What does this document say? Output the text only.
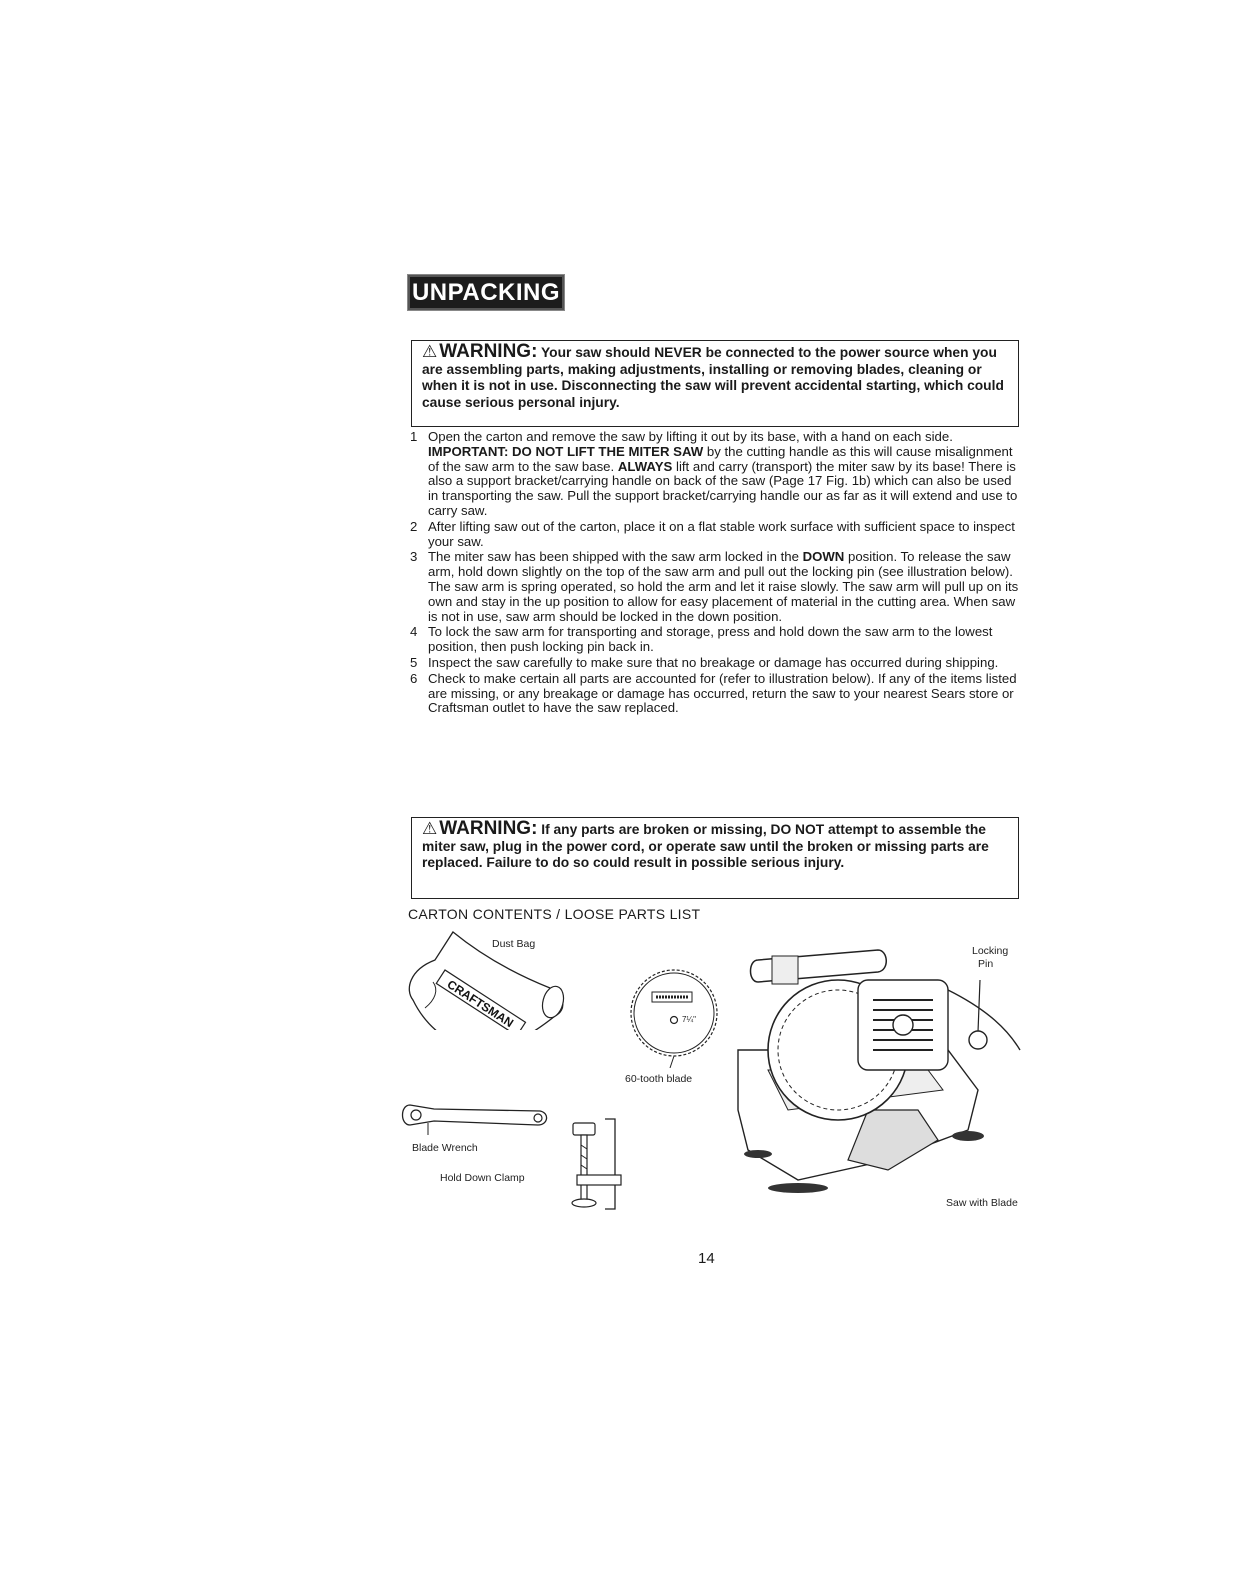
UNPACKING
⚠ WARNING: Your saw should NEVER be connected to the power source when you are assembling parts, making adjustments, installing or removing blades, cleaning or when it is not in use. Disconnecting the saw will prevent accidental starting, which could cause serious personal injury.
1 Open the carton and remove the saw by lifting it out by its base, with a hand on each side. IMPORTANT: DO NOT LIFT THE MITER SAW by the cutting handle as this will cause misalignment of the saw arm to the saw base. ALWAYS lift and carry (transport) the miter saw by its base! There is also a support bracket/carrying handle on back of the saw (Page 17 Fig. 1b) which can also be used in transporting the saw. Pull the support bracket/carrying handle our as far as it will extend and use to carry saw.
2 After lifting saw out of the carton, place it on a flat stable work surface with sufficient space to inspect your saw.
3 The miter saw has been shipped with the saw arm locked in the DOWN position. To release the saw arm, hold down slightly on the top of the saw arm and pull out the locking pin (see illustration below). The saw arm is spring operated, so hold the arm and let it raise slowly. The saw arm will pull up on its own and stay in the up position to allow for easy placement of material in the cutting area. When saw is not in use, saw arm should be locked in the down position.
4 To lock the saw arm for transporting and storage, press and hold down the saw arm to the lowest position, then push locking pin back in.
5 Inspect the saw carefully to make sure that no breakage or damage has occurred during shipping.
6 Check to make certain all parts are accounted for (refer to illustration below). If any of the items listed are missing, or any breakage or damage has occurred, return the saw to your nearest Sears store or Craftsman outlet to have the saw replaced.
⚠ WARNING: If any parts are broken or missing, DO NOT attempt to assemble the miter saw, plug in the power cord, or operate saw until the broken or missing parts are replaced. Failure to do so could result in possible serious injury.
CARTON CONTENTS / LOOSE PARTS LIST
CRAFTSMAN
Dust Bag
7¼"
60-tooth blade
Blade Wrench
Hold Down Clamp
Locking
Pin
Saw with Blade
14
